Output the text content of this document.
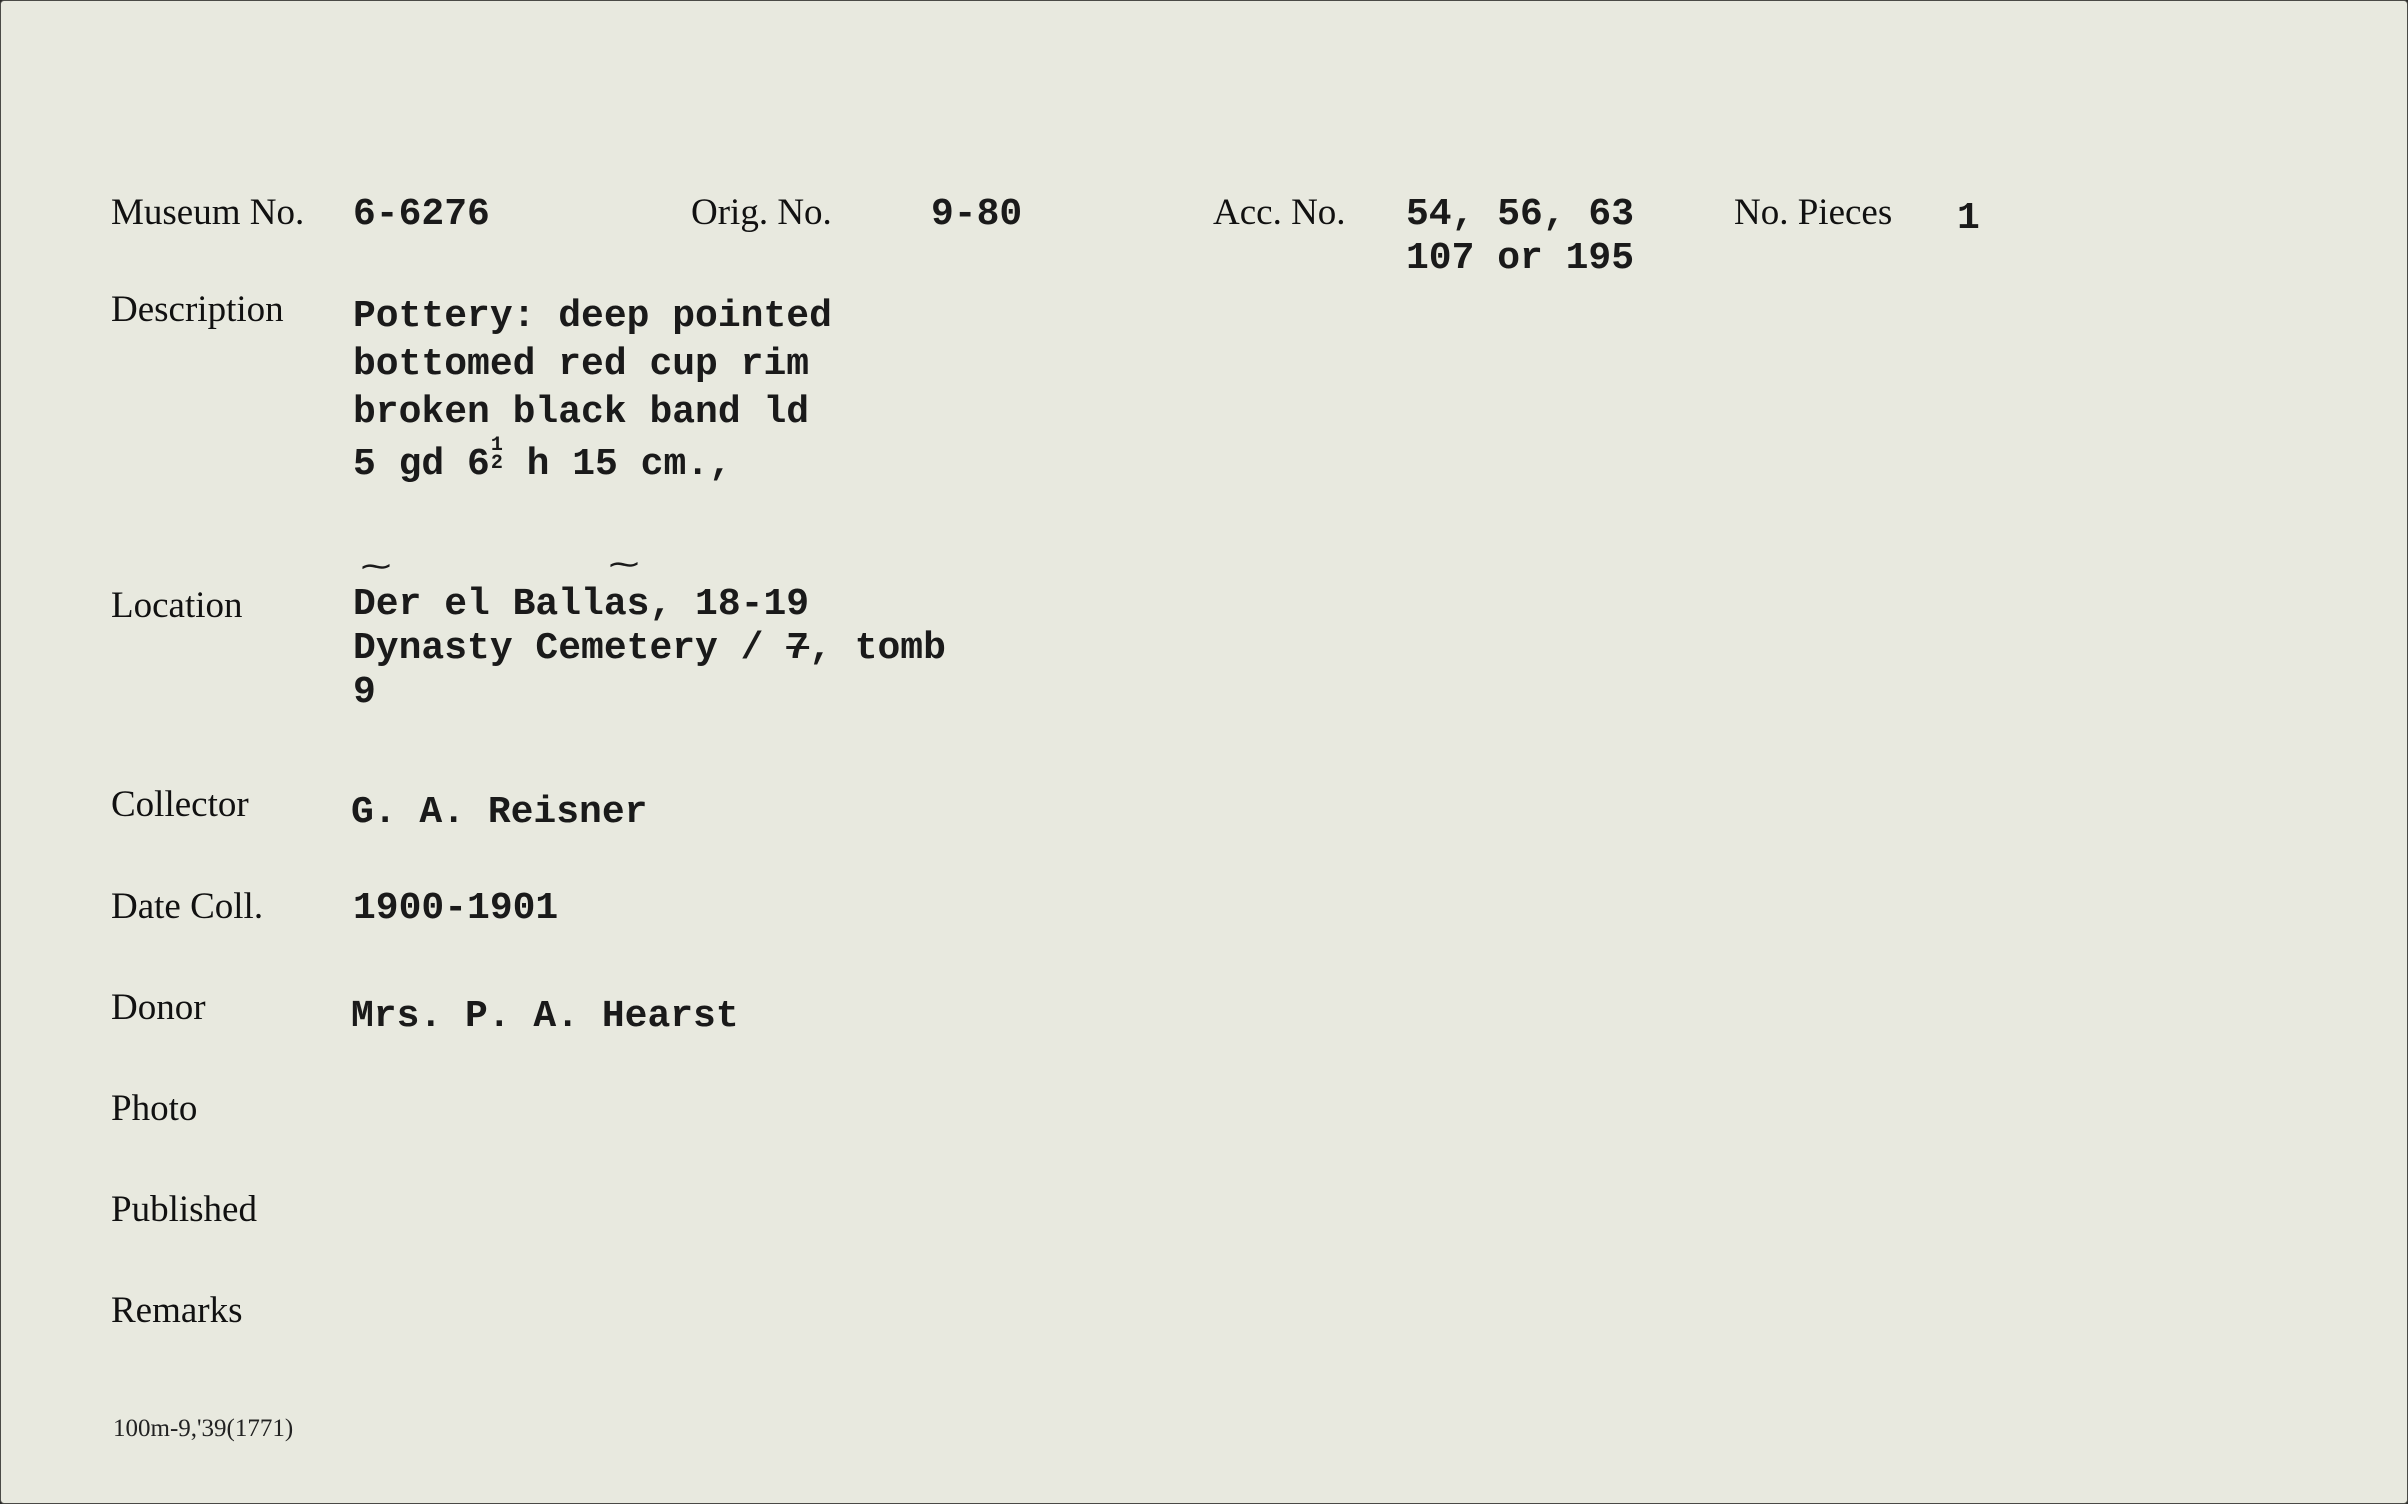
Museum No. 6-6276	Orig. No.	9-80	Acc. No. 54, 56, 63
107 or 195
No. Pieces 1
Description Pottery: deep pointed
bottomed red cup rim
broken black band ld
5 gd 6 1
2 h 15 cm.,
Location
⁓	⁓
Der el Ballas, 18-19
Dynasty Cemetery / 7, tomb
9
Collector	G. A. Reisner
Date Coll. 1900-1901
Donor	Mrs. P. A. Hearst
Photo
Published
Remarks
100m-9,'39(1771)
